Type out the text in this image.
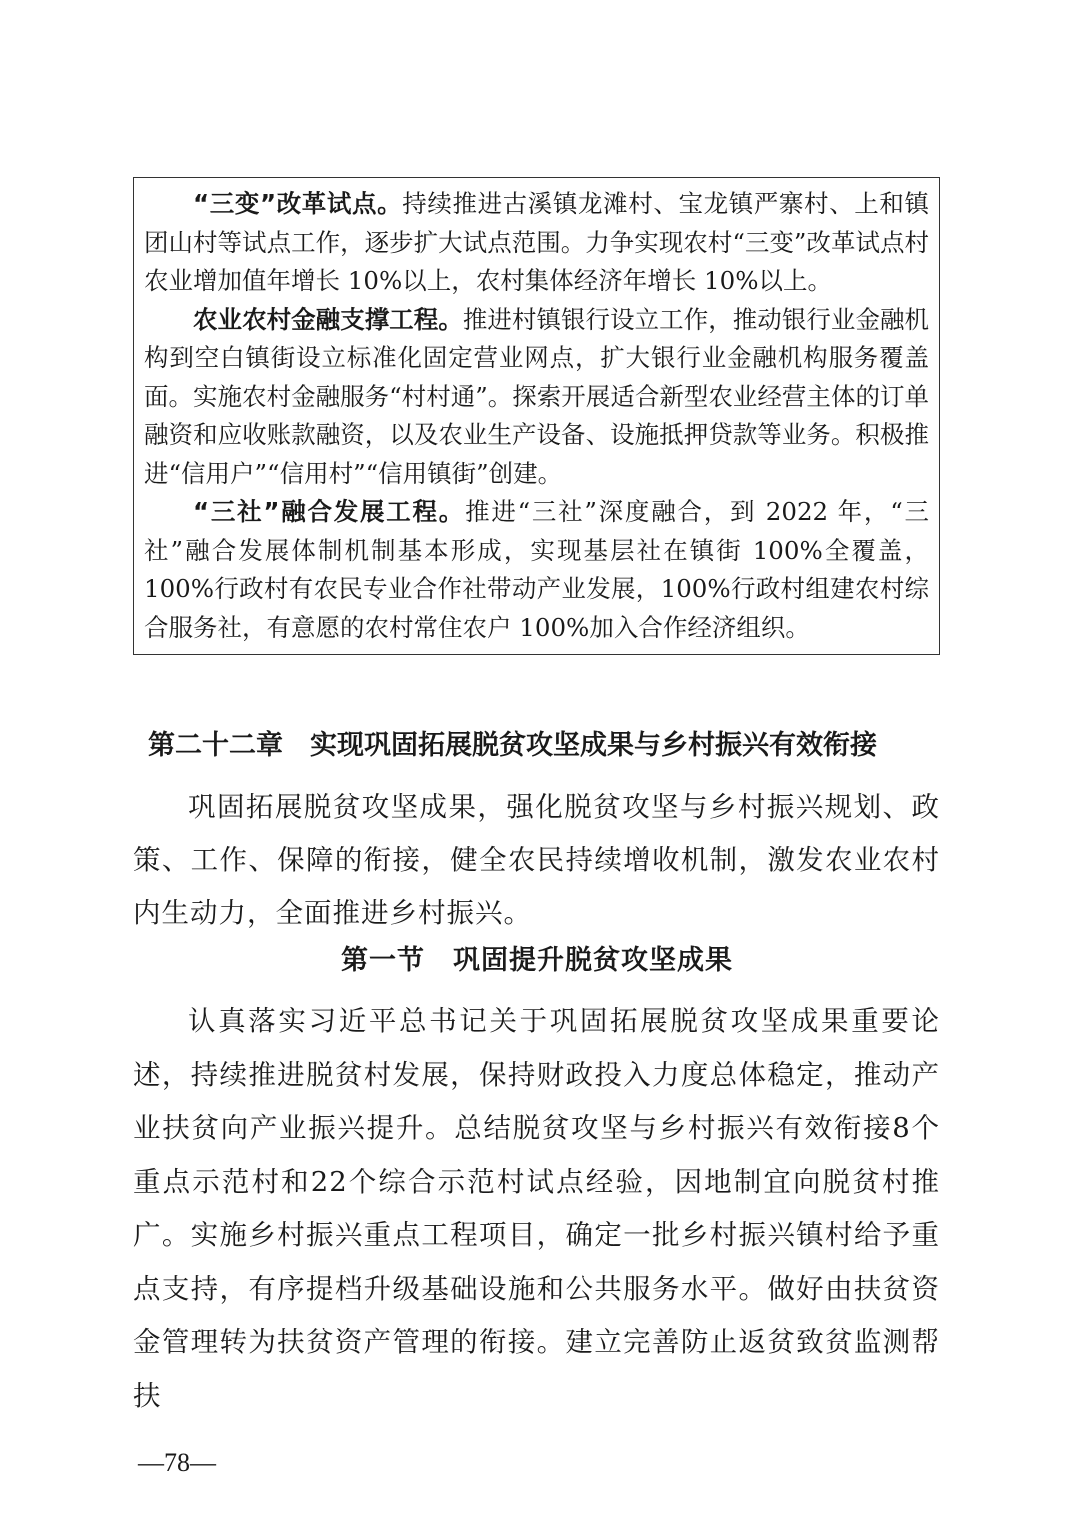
“三变”改革试点。持续推进古溪镇龙滩村、宝龙镇严寨村、上和镇团山村等试点工作，逐步扩大试点范围。力争实现农村“三变”改革试点村农业增加值年增长 10%以上，农村集体经济年增长 10%以上。

农业农村金融支撑工程。推进村镇银行设立工作，推动银行业金融机构到空白镇街设立标准化固定营业网点，扩大银行业金融机构服务覆盖面。实施农村金融服务“村村通”。探索开展适合新型农业经营主体的订单融资和应收账款融资，以及农业生产设备、设施抵押贷款等业务。积极推进“信用户”“信用村”“信用镇街”创建。

“三社”融合发展工程。推进“三社”深度融合，到 2022 年，“三社”融合发展体制机制基本形成，实现基层社在镇街 100%全覆盖，100%行政村有农民专业合作社带动产业发展，100%行政村组建农村综合服务社，有意愿的农村常住农户 100%加入合作经济组织。

第二十二章　实现巩固拓展脱贫攻坚成果与乡村振兴有效衔接

巩固拓展脱贫攻坚成果，强化脱贫攻坚与乡村振兴规划、政策、工作、保障的衔接，健全农民持续增收机制，激发农业农村内生动力，全面推进乡村振兴。

第一节　巩固提升脱贫攻坚成果

认真落实习近平总书记关于巩固拓展脱贫攻坚成果重要论述，持续推进脱贫村发展，保持财政投入力度总体稳定，推动产业扶贫向产业振兴提升。总结脱贫攻坚与乡村振兴有效衔接8个重点示范村和22个综合示范村试点经验，因地制宜向脱贫村推广。实施乡村振兴重点工程项目，确定一批乡村振兴镇村给予重点支持，有序提档升级基础设施和公共服务水平。做好由扶贫资金管理转为扶贫资产管理的衔接。建立完善防止返贫致贫监测帮扶

—78—
